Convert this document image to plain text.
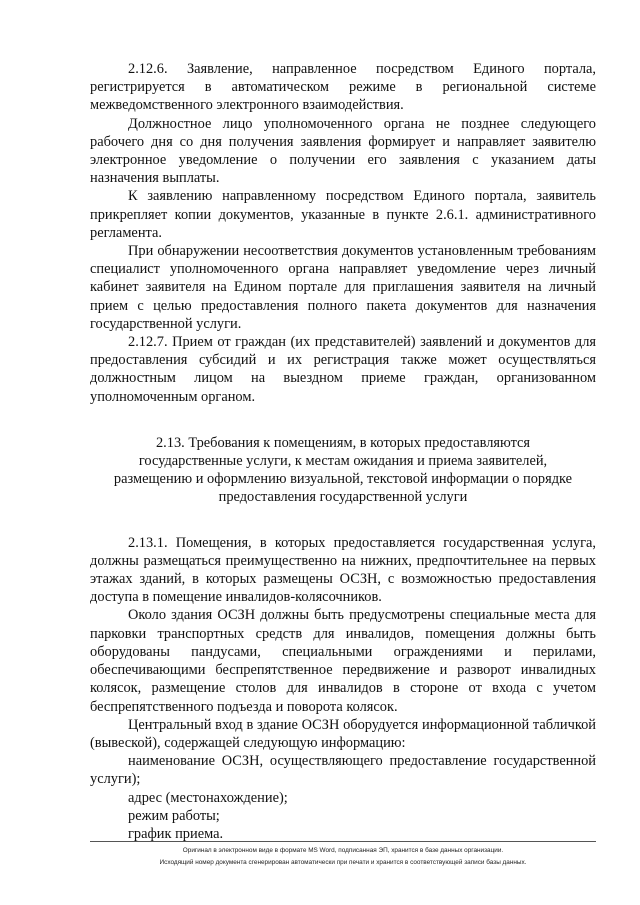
2.12.6. Заявление, направленное посредством Единого портала, регистрируется в автоматическом режиме в региональной системе межведомственного электронного взаимодействия.

Должностное лицо уполномоченного органа не позднее следующего рабочего дня со дня получения заявления формирует и направляет заявителю электронное уведомление о получении его заявления с указанием даты назначения выплаты.

К заявлению направленному посредством Единого портала, заявитель прикрепляет копии документов, указанные в пункте 2.6.1. административного регламента.

При обнаружении несоответствия документов установленным требованиям специалист уполномоченного органа направляет уведомление через личный кабинет заявителя на Едином портале для приглашения заявителя на личный прием с целью предоставления полного пакета документов для назначения государственной услуги.

2.12.7. Прием от граждан (их представителей) заявлений и документов для предоставления субсидий и их регистрация также может осуществляться должностным лицом на выездном приеме граждан, организованном уполномоченным органом.

2.13. Требования к помещениям, в которых предоставляются
государственные услуги, к местам ожидания и приема заявителей,
размещению и оформлению визуальной, текстовой информации о порядке
предоставления государственной услуги

2.13.1. Помещения, в которых предоставляется государственная услуга, должны размещаться преимущественно на нижних, предпочтительнее на первых этажах зданий, в которых размещены ОСЗН, с возможностью предоставления доступа в помещение инвалидов-колясочников.

Около здания ОСЗН должны быть предусмотрены специальные места для парковки транспортных средств для инвалидов, помещения должны быть оборудованы пандусами, специальными ограждениями и перилами, обеспечивающими беспрепятственное передвижение и разворот инвалидных колясок, размещение столов для инвалидов в стороне от входа с учетом беспрепятственного подъезда и поворота колясок.

Центральный вход в здание ОСЗН оборудуется информационной табличкой (вывеской), содержащей следующую информацию:

наименование ОСЗН, осуществляющего предоставление государственной услуги);

адрес (местонахождение);

режим работы;

график приема.

Оригинал в электронном виде в формате MS Word, подписанная ЭП, хранится в базе данных организации.
Исходящий номер документа сгенерирован автоматически при печати и хранится в соответствующей записи базы данных.
